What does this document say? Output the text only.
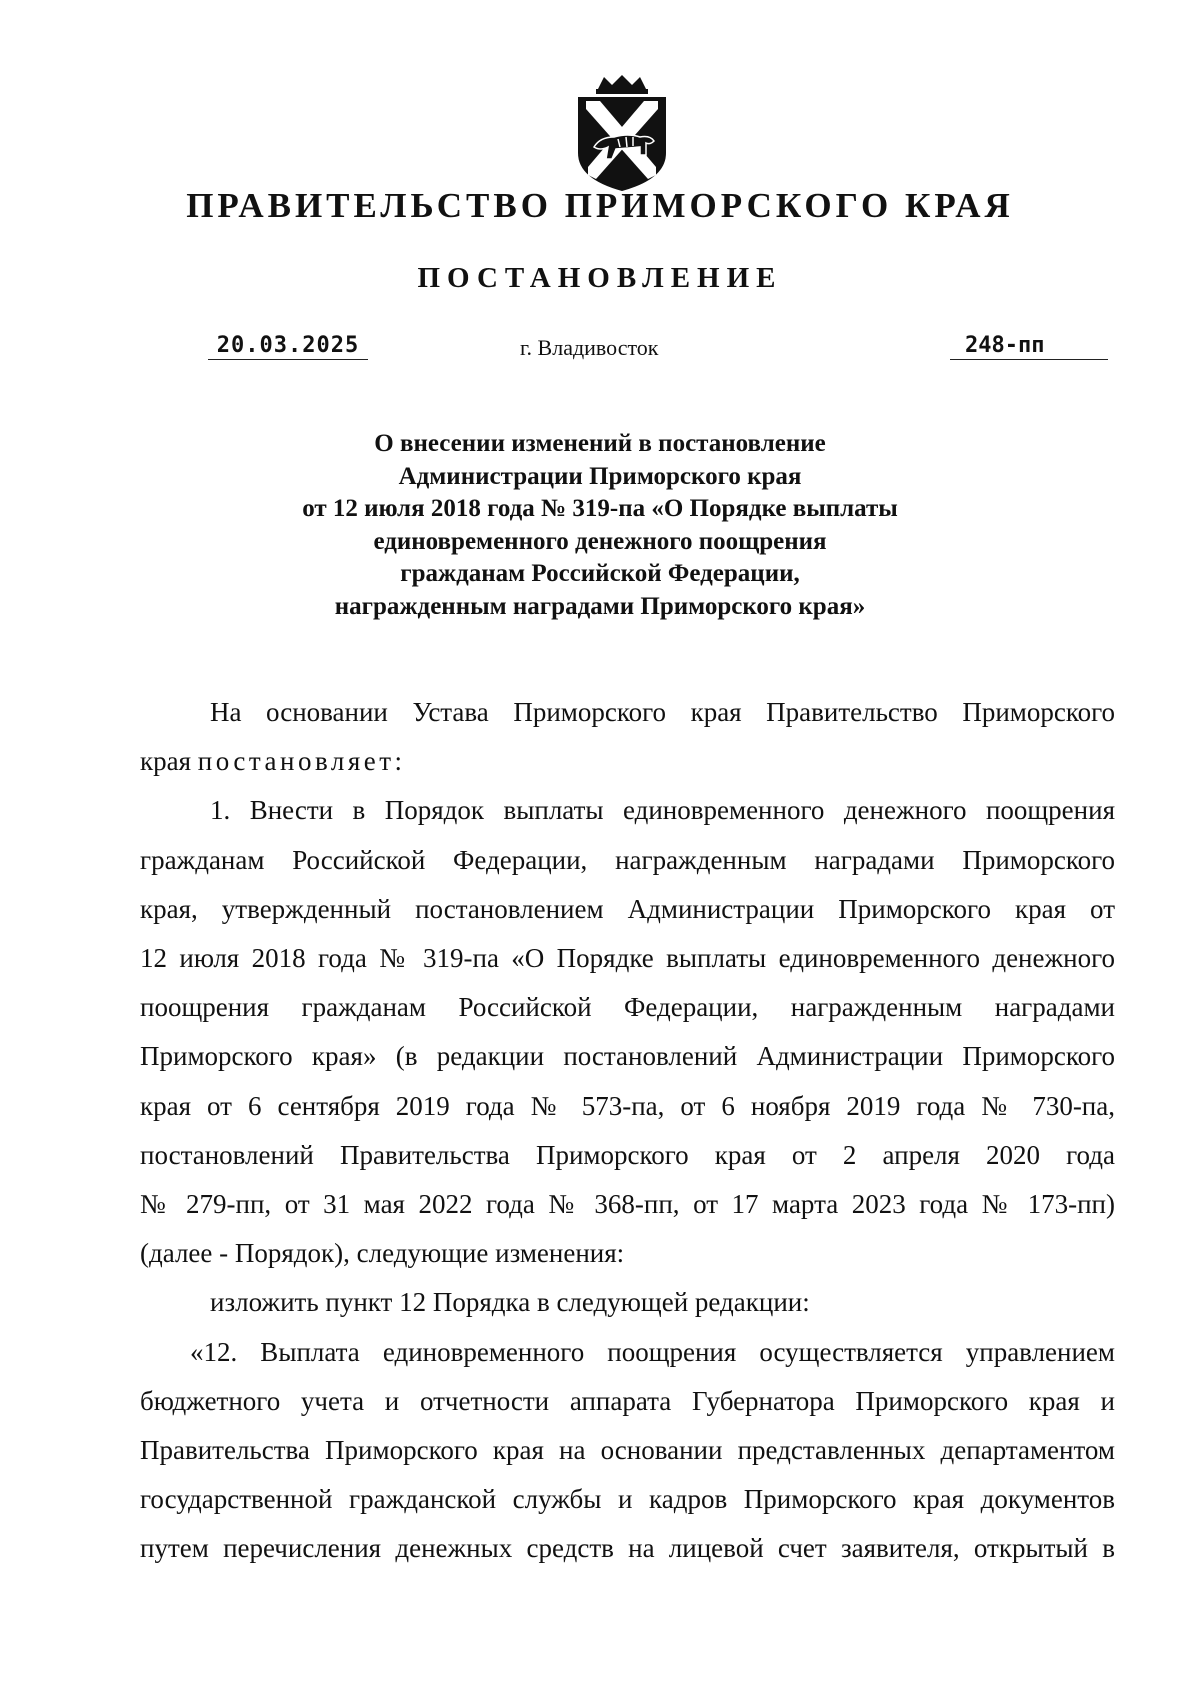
ПРАВИТЕЛЬСТВО ПРИМОРСКОГО КРАЯ
ПОСТАНОВЛЕНИЕ
20.03.2025	г. Владивосток	248-пп
О внесении изменений в постановление
Администрации Приморского края
от 12 июля 2018 года № 319-па «О Порядке выплаты
единовременного денежного поощрения
гражданам Российской Федерации,
награжденным наградами Приморского края»

На основании Устава Приморского края Правительство Приморского

края постановляет:

1. Внести в Порядок выплаты единовременного денежного поощрения

гражданам Российской Федерации, награжденным наградами Приморского

края, утвержденный постановлением Администрации Приморского края от

12 июля 2018 года № 319-па «О Порядке выплаты единовременного денежного

поощрения гражданам Российской Федерации, награжденным наградами

Приморского края» (в редакции постановлений Администрации Приморского

края от 6 сентября 2019 года № 573-па, от 6 ноября 2019 года № 730-па,

постановлений Правительства Приморского края от 2 апреля 2020 года

№ 279-пп, от 31 мая 2022 года № 368-пп, от 17 марта 2023 года № 173-пп)

(далее - Порядок), следующие изменения:

изложить пункт 12 Порядка в следующей редакции:

«12. Выплата единовременного поощрения осуществляется управлением

бюджетного учета и отчетности аппарата Губернатора Приморского края и

Правительства Приморского края на основании представленных департаментом

государственной гражданской службы и кадров Приморского края документов

путем перечисления денежных средств на лицевой счет заявителя, открытый в
